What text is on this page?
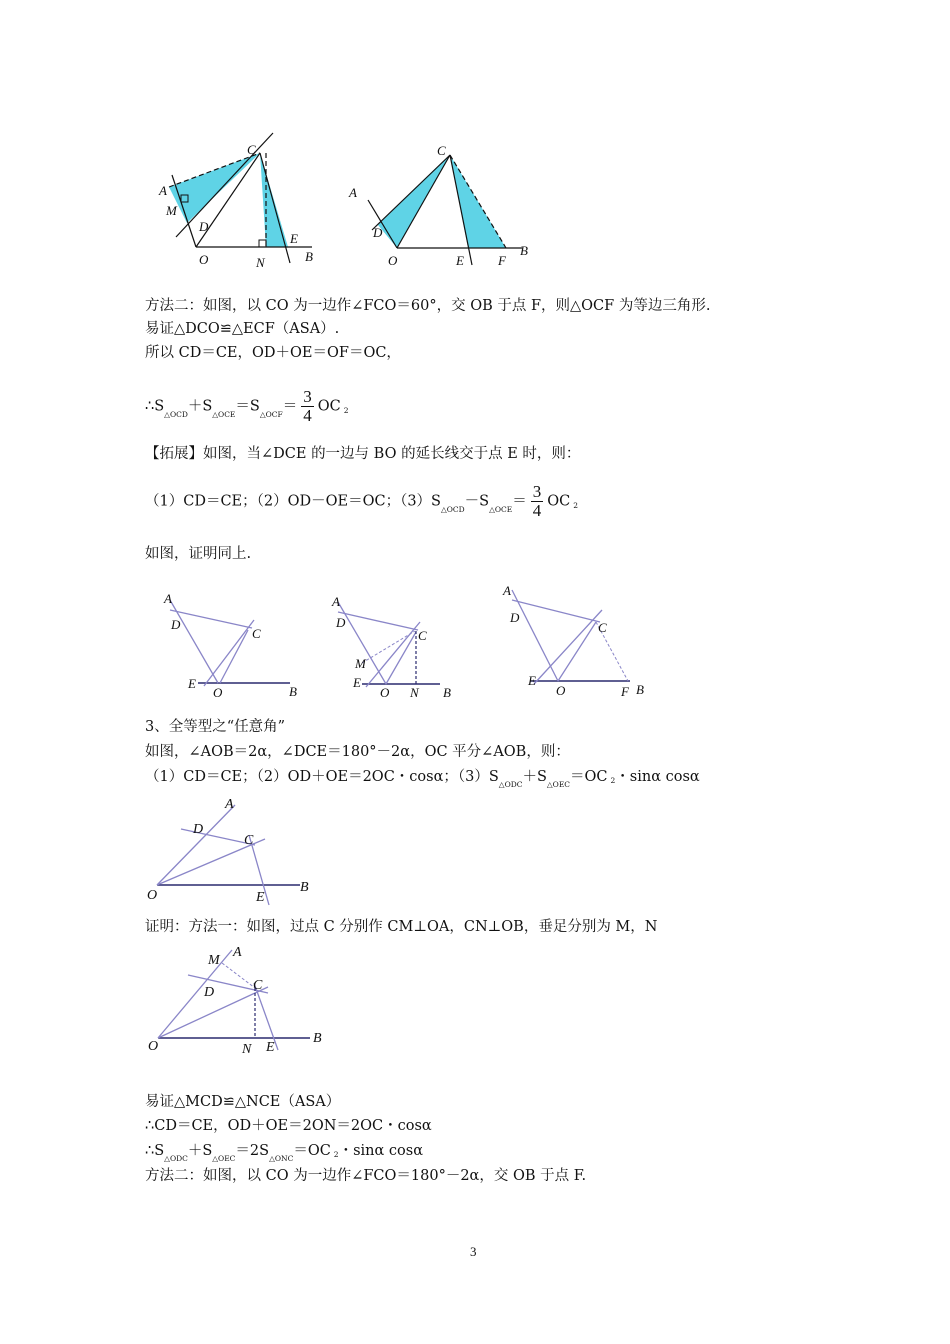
A
M
D
C
E
O	N	B
A
C
D
O	E	F
B
方法二：如图，以 CO 为一边作∠FCO＝60°，交 OB 于点 F，则△OCF 为等边三角形.
易证△DCO≌△ECF（ASA）.
所以 CD＝CE，OD＋OE＝OF＝OC，
$\therefore S_{\triangle OCD}+S_{\triangle OCE}=S_{\triangle OCF}= \frac{3}{4}$ OC 2
【拓展】如图，当∠DCE 的一边与 BO 的延长线交于点 E 时，则：
（1）CD＝CE；（2）OD－OE＝OC；$(3)S_{\triangle OCD}-S_{\triangle OCE}= \frac{3}{4}$ OC 2
如图，证明同上.
A
D
C
E
O	B
A
D
C
M
E
O N B
A
D
C
E
O	F B
3、全等型之“任意角”
如图，∠AOB＝2α，∠DCE＝180°－2α，OC 平分∠AOB，则：
（1）CD＝CE；（2）OD＋OE＝2OC・cosα；$(3)S_{\triangle ODC}+S_{\triangle OEC}=OC$ 2・sinα cosα
A
D
C
O	E
B
证明：方法一：如图，过点 C 分别作 CM⊥OA，CN⊥OB，垂足分别为 M，N
A
M
D	C
O	N E
B
易证△MCD≌△NCE（ASA）
∴CD＝CE，OD＋OE＝2ON＝2OC・cosα
$\therefore S_{\triangle ODC}+S_{\triangle OEC}=2S_{\triangle ONC}=OC$ 2・sinα cosα
方法二：如图，以 CO 为一边作∠FCO＝180°－2α，交 OB 于点 F.
3
